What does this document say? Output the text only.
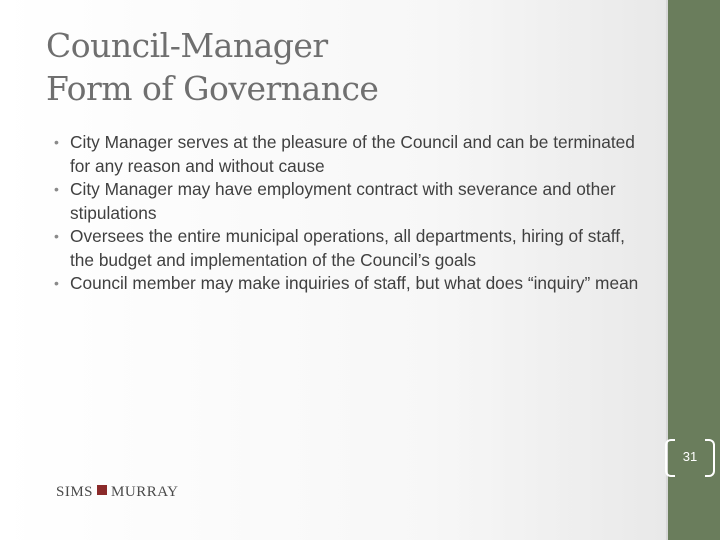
Council-Manager
Form of Governance
• City Manager serves at the pleasure of the Council and can be terminated for any reason and without cause
• City Manager may have employment contract with severance and other stipulations
• Oversees the entire municipal operations, all departments, hiring of staff, the budget and implementation of the Council’s goals
• Council member may make inquiries of staff, but what does “inquiry” mean
SIMS MURRAY
31
